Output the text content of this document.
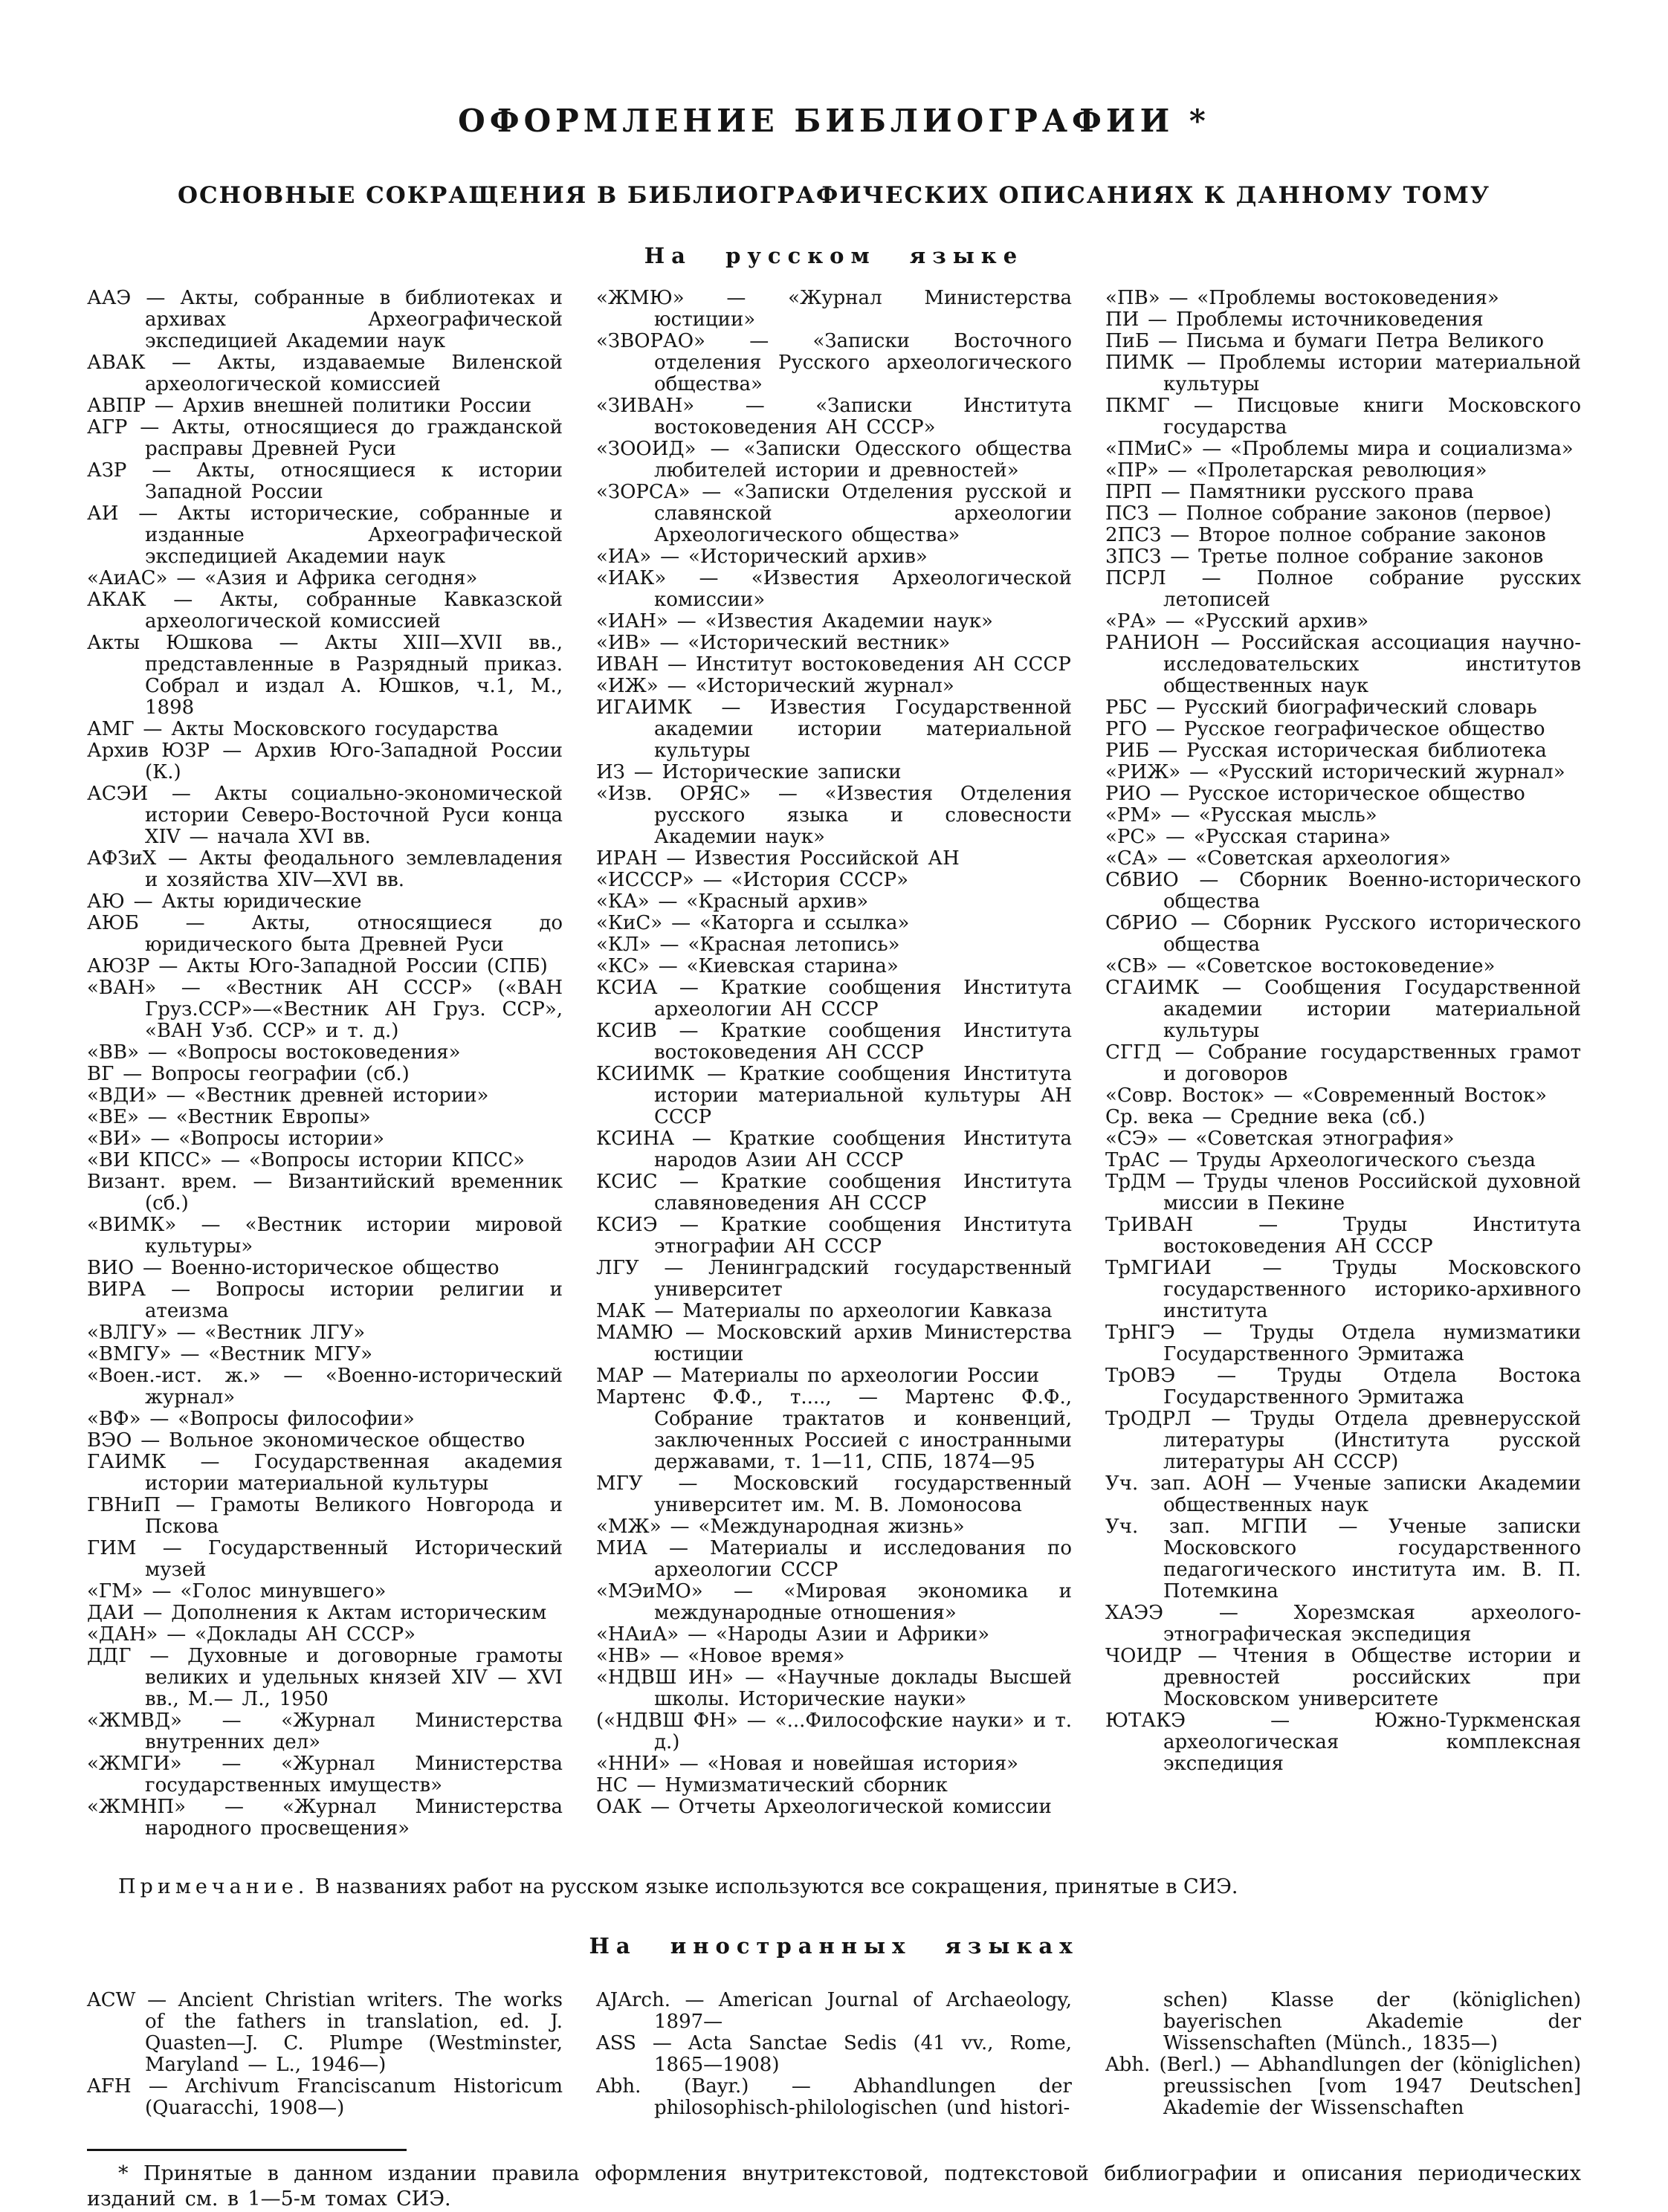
ОФОРМЛЕНИЕ БИБЛИОГРАФИИ *
ОСНОВНЫЕ СОКРАЩЕНИЯ В БИБЛИОГРАФИЧЕСКИХ ОПИСАНИЯХ К ДАННОМУ ТОМУ
На русском языке

ААЭ — Акты, собранные в библиотеках и архивах Археографической экспедицией Академии наук

АВАК — Акты, издаваемые Виленской археологической комиссией

АВПР — Архив внешней политики России

АГР — Акты, относящиеся до гражданской расправы Древней Руси

АЗР — Акты, относящиеся к истории Западной России

АИ — Акты исторические, собранные и изданные Археографической экспедицией Академии наук

«АиАС» — «Азия и Африка сегодня»

АКАК — Акты, собранные Кавказской археологической комиссией

Акты Юшкова — Акты XIII—XVII вв., представленные в Разрядный приказ. Собрал и издал А. Юшков, ч.1, М., 1898

АМГ — Акты Московского государства

Архив ЮЗР — Архив Юго-Западной России (К.)

АСЭИ — Акты социально-экономической истории Северо-Восточной Руси конца XIV — начала XVI вв.

АФЗиХ — Акты феодального землевладения и хозяйства XIV—XVI вв.

АЮ — Акты юридические

АЮБ — Акты, относящиеся до юридического быта Древней Руси

АЮЗР — Акты Юго-Западной России (СПБ)

«ВАН» — «Вестник АН СССР» («ВАН Груз.ССР»—«Вестник АН Груз. ССР», «ВАН Узб. ССР» и т. д.)

«ВВ» — «Вопросы востоковедения»

ВГ — Вопросы географии (сб.)

«ВДИ» — «Вестник древней истории»

«ВЕ» — «Вестник Европы»

«ВИ» — «Вопросы истории»

«ВИ КПСС» — «Вопросы истории КПСС»

Визант. врем. — Византийский временник (сб.)

«ВИМК» — «Вестник истории мировой культуры»

ВИО — Военно-историческое общество

ВИРА — Вопросы истории религии и атеизма

«ВЛГУ» — «Вестник ЛГУ»

«ВМГУ» — «Вестник МГУ»

«Воен.-ист. ж.» — «Военно-исторический журнал»

«ВФ» — «Вопросы философии»

ВЭО — Вольное экономическое общество

ГАИМК — Государственная академия истории материальной культуры

ГВНиП — Грамоты Великого Новгорода и Пскова

ГИМ — Государственный Исторический музей

«ГМ» — «Голос минувшего»

ДАИ — Дополнения к Актам историческим

«ДАН» — «Доклады АН СССР»

ДДГ — Духовные и договорные грамоты великих и удельных князей XIV — XVI вв., М.— Л., 1950

«ЖМВД» — «Журнал Министерства внутренних дел»

«ЖМГИ» — «Журнал Министерства государственных имуществ»

«ЖМНП» — «Журнал Министерства народного просвещения»

«ЖМЮ» — «Журнал Министерства юстиции»

«ЗВОРАО» — «Записки Восточного отделения Русского археологического общества»

«ЗИВАН» — «Записки Института востоковедения АН СССР»

«ЗООИД» — «Записки Одесского общества любителей истории и древностей»

«ЗОРСА» — «Записки Отделения русской и славянской археологии Археологического общества»

«ИА» — «Исторический архив»

«ИАК» — «Известия Археологической комиссии»

«ИАН» — «Известия Академии наук»

«ИВ» — «Исторический вестник»

ИВАН — Институт востоковедения АН СССР

«ИЖ» — «Исторический журнал»

ИГАИМК — Известия Государственной академии истории материальной культуры

ИЗ — Исторические записки

«Изв. ОРЯС» — «Известия Отделения русского языка и словесности Академии наук»

ИРАН — Известия Российской АН

«ИСССР» — «История СССР»

«КА» — «Красный архив»

«КиС» — «Каторга и ссылка»

«КЛ» — «Красная летопись»

«КС» — «Киевская старина»

КСИА — Краткие сообщения Института археологии АН СССР

КСИВ — Краткие сообщения Института востоковедения АН СССР

КСИИМК — Краткие сообщения Института истории материальной культуры АН СССР

КСИНА — Краткие сообщения Института народов Азии АН СССР

КСИС — Краткие сообщения Института славяноведения АН СССР

КСИЭ — Краткие сообщения Института этнографии АН СССР

ЛГУ — Ленинградский государственный университет

МАК — Материалы по археологии Кавказа

МАМЮ — Московский архив Министерства юстиции

МАР — Материалы по археологии России

Мартенс Ф.Ф., т...., — Мартенс Ф.Ф., Собрание трактатов и конвенций, заключенных Россией с иностранными державами, т. 1—11, СПБ, 1874—95

МГУ — Московский государственный университет им. М. В. Ломоносова

«МЖ» — «Международная жизнь»

МИА — Материалы и исследования по археологии СССР

«МЭиМО» — «Мировая экономика и международные отношения»

«НАиА» — «Народы Азии и Африки»

«НВ» — «Новое время»

«НДВШ ИН» — «Научные доклады Высшей школы. Исторические науки»

(«НДВШ ФН» — «...Философские науки» и т. д.)

«ННИ» — «Новая и новейшая история»

НС — Нумизматический сборник

ОАК — Отчеты Археологической комиссии

«ПВ» — «Проблемы востоковедения»

ПИ — Проблемы источниковедения

ПиБ — Письма и бумаги Петра Великого

ПИМК — Проблемы истории материальной культуры

ПКМГ — Писцовые книги Московского государства

«ПМиС» — «Проблемы мира и социализма»

«ПР» — «Пролетарская революция»

ПРП — Памятники русского права

ПСЗ — Полное собрание законов (первое)

2ПСЗ — Второе полное собрание законов

3ПСЗ — Третье полное собрание законов

ПСРЛ — Полное собрание русских летописей

«РА» — «Русский архив»

РАНИОН — Российская ассоциация научно-исследовательских институтов общественных наук

РБС — Русский биографический словарь

РГО — Русское географическое общество

РИБ — Русская историческая библиотека

«РИЖ» — «Русский исторический журнал»

РИО — Русское историческое общество

«РМ» — «Русская мысль»

«РС» — «Русская старина»

«СА» — «Советская археология»

СбВИО — Сборник Военно-исторического общества

СбРИО — Сборник Русского исторического общества

«СВ» — «Советское востоковедение»

СГАИМК — Сообщения Государственной академии истории материальной культуры

СГГД — Собрание государственных грамот и договоров

«Совр. Восток» — «Современный Восток»

Ср. века — Средние века (сб.)

«СЭ» — «Советская этнография»

ТрАС — Труды Археологического съезда

ТрДМ — Труды членов Российской духовной миссии в Пекине

ТрИВАН — Труды Института востоковедения АН СССР

ТрМГИАИ — Труды Московского государственного историко-архивного института

ТрНГЭ — Труды Отдела нумизматики Государственного Эрмитажа

ТрОВЭ — Труды Отдела Востока Государственного Эрмитажа

ТрОДРЛ — Труды Отдела древнерусской литературы (Института русской литературы АН СССР)

Уч. зап. АОН — Ученые записки Академии общественных наук

Уч. зап. МГПИ — Ученые записки Московского государственного педагогического института им. В. П. Потемкина

ХАЭЭ — Хорезмская археолого-этнографическая экспедиция

ЧОИДР — Чтения в Обществе истории и древностей российских при Московском университете

ЮТАКЭ — Южно-Туркменская археологическая комплексная экспедиция

Примечание. В названиях работ на русском языке используются все сокращения, принятые в СИЭ.

На иностранных языках

ACW — Ancient Christian writers. The works of the fathers in translation, ed. J. Quasten—J. C. Plumpe (Westminster, Maryland — L., 1946—)

AFH — Archivum Franciscanum Historicum (Quaracchi, 1908—)

AJArch. — American Journal of Archaeology, 1897—

ASS — Acta Sanctae Sedis (41 vv., Rome, 1865—1908)

Abh. (Bayr.) — Abhandlungen der philosophisch-philologischen (und histori-

schen) Klasse der (königlichen) bayerischen Akademie der Wissenschaften (Münch., 1835—)

Abh. (Berl.) — Abhandlungen der (königlichen) preussischen [vom 1947 Deutschen] Akademie der Wissenschaften

* Принятые в данном издании правила оформления внутритекстовой, подтекстовой библиографии и описания периодических изданий см. в 1—5-м томах СИЭ.
